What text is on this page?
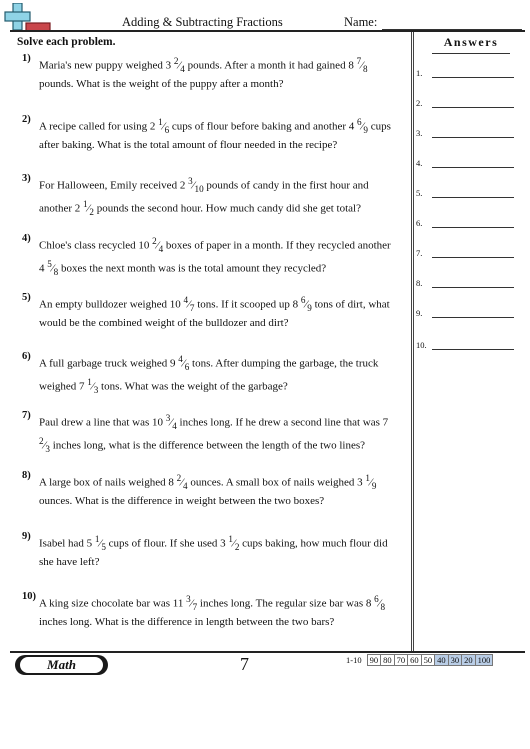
Adding & Subtracting Fractions	Name:
Solve each problem.
1)
Maria's new puppy weighed 3 $^2⁄_4$ pounds. After a month it had gained 8 $^7⁄_8$ pounds. What is the weight of the puppy after a month?
2)
A recipe called for using 2 $^1⁄_6$ cups of flour before baking and another 4 $^6⁄_9$ cups after baking. What is the total amount of flour needed in the recipe?
3)
For Halloween, Emily received 2 $^3⁄_{10}$ pounds of candy in the first hour and another 2 $^1⁄_2$ pounds the second hour. How much candy did she get total?
4)
Chloe's class recycled 10 $^2⁄_4$ boxes of paper in a month. If they recycled another 4 $^5⁄_8$ boxes the next month was is the total amount they recycled?
5)
An empty bulldozer weighed 10 $^4⁄_7$ tons. If it scooped up 8 $^6⁄_9$ tons of dirt, what would be the combined weight of the bulldozer and dirt?
6)
A full garbage truck weighed 9 $^4⁄_6$ tons. After dumping the garbage, the truck weighed 7 $^1⁄_3$ tons. What was the weight of the garbage?
7)
Paul drew a line that was 10 $^3⁄_4$ inches long. If he drew a second line that was 7 $^2⁄_3$ inches long, what is the difference between the length of the two lines?
8)
A large box of nails weighed 8 $^2⁄_4$ ounces. A small box of nails weighed 3 $^1⁄_9$ ounces. What is the difference in weight between the two boxes?
9)
Isabel had 5 $^1⁄_5$ cups of flour. If she used 3 $^1⁄_2$ cups baking, how much flour did she have left?
10)
A king size chocolate bar was 11 $^3⁄_7$ inches long. The regular size bar was 8 $^6⁄_8$ inches long. What is the difference in length between the two bars?
Answers
1.
2.
3.
4.
5.
6.
7.
8.
9.
10.
Math	7	1-10	90	80	70	60	50	40	30	20	100
